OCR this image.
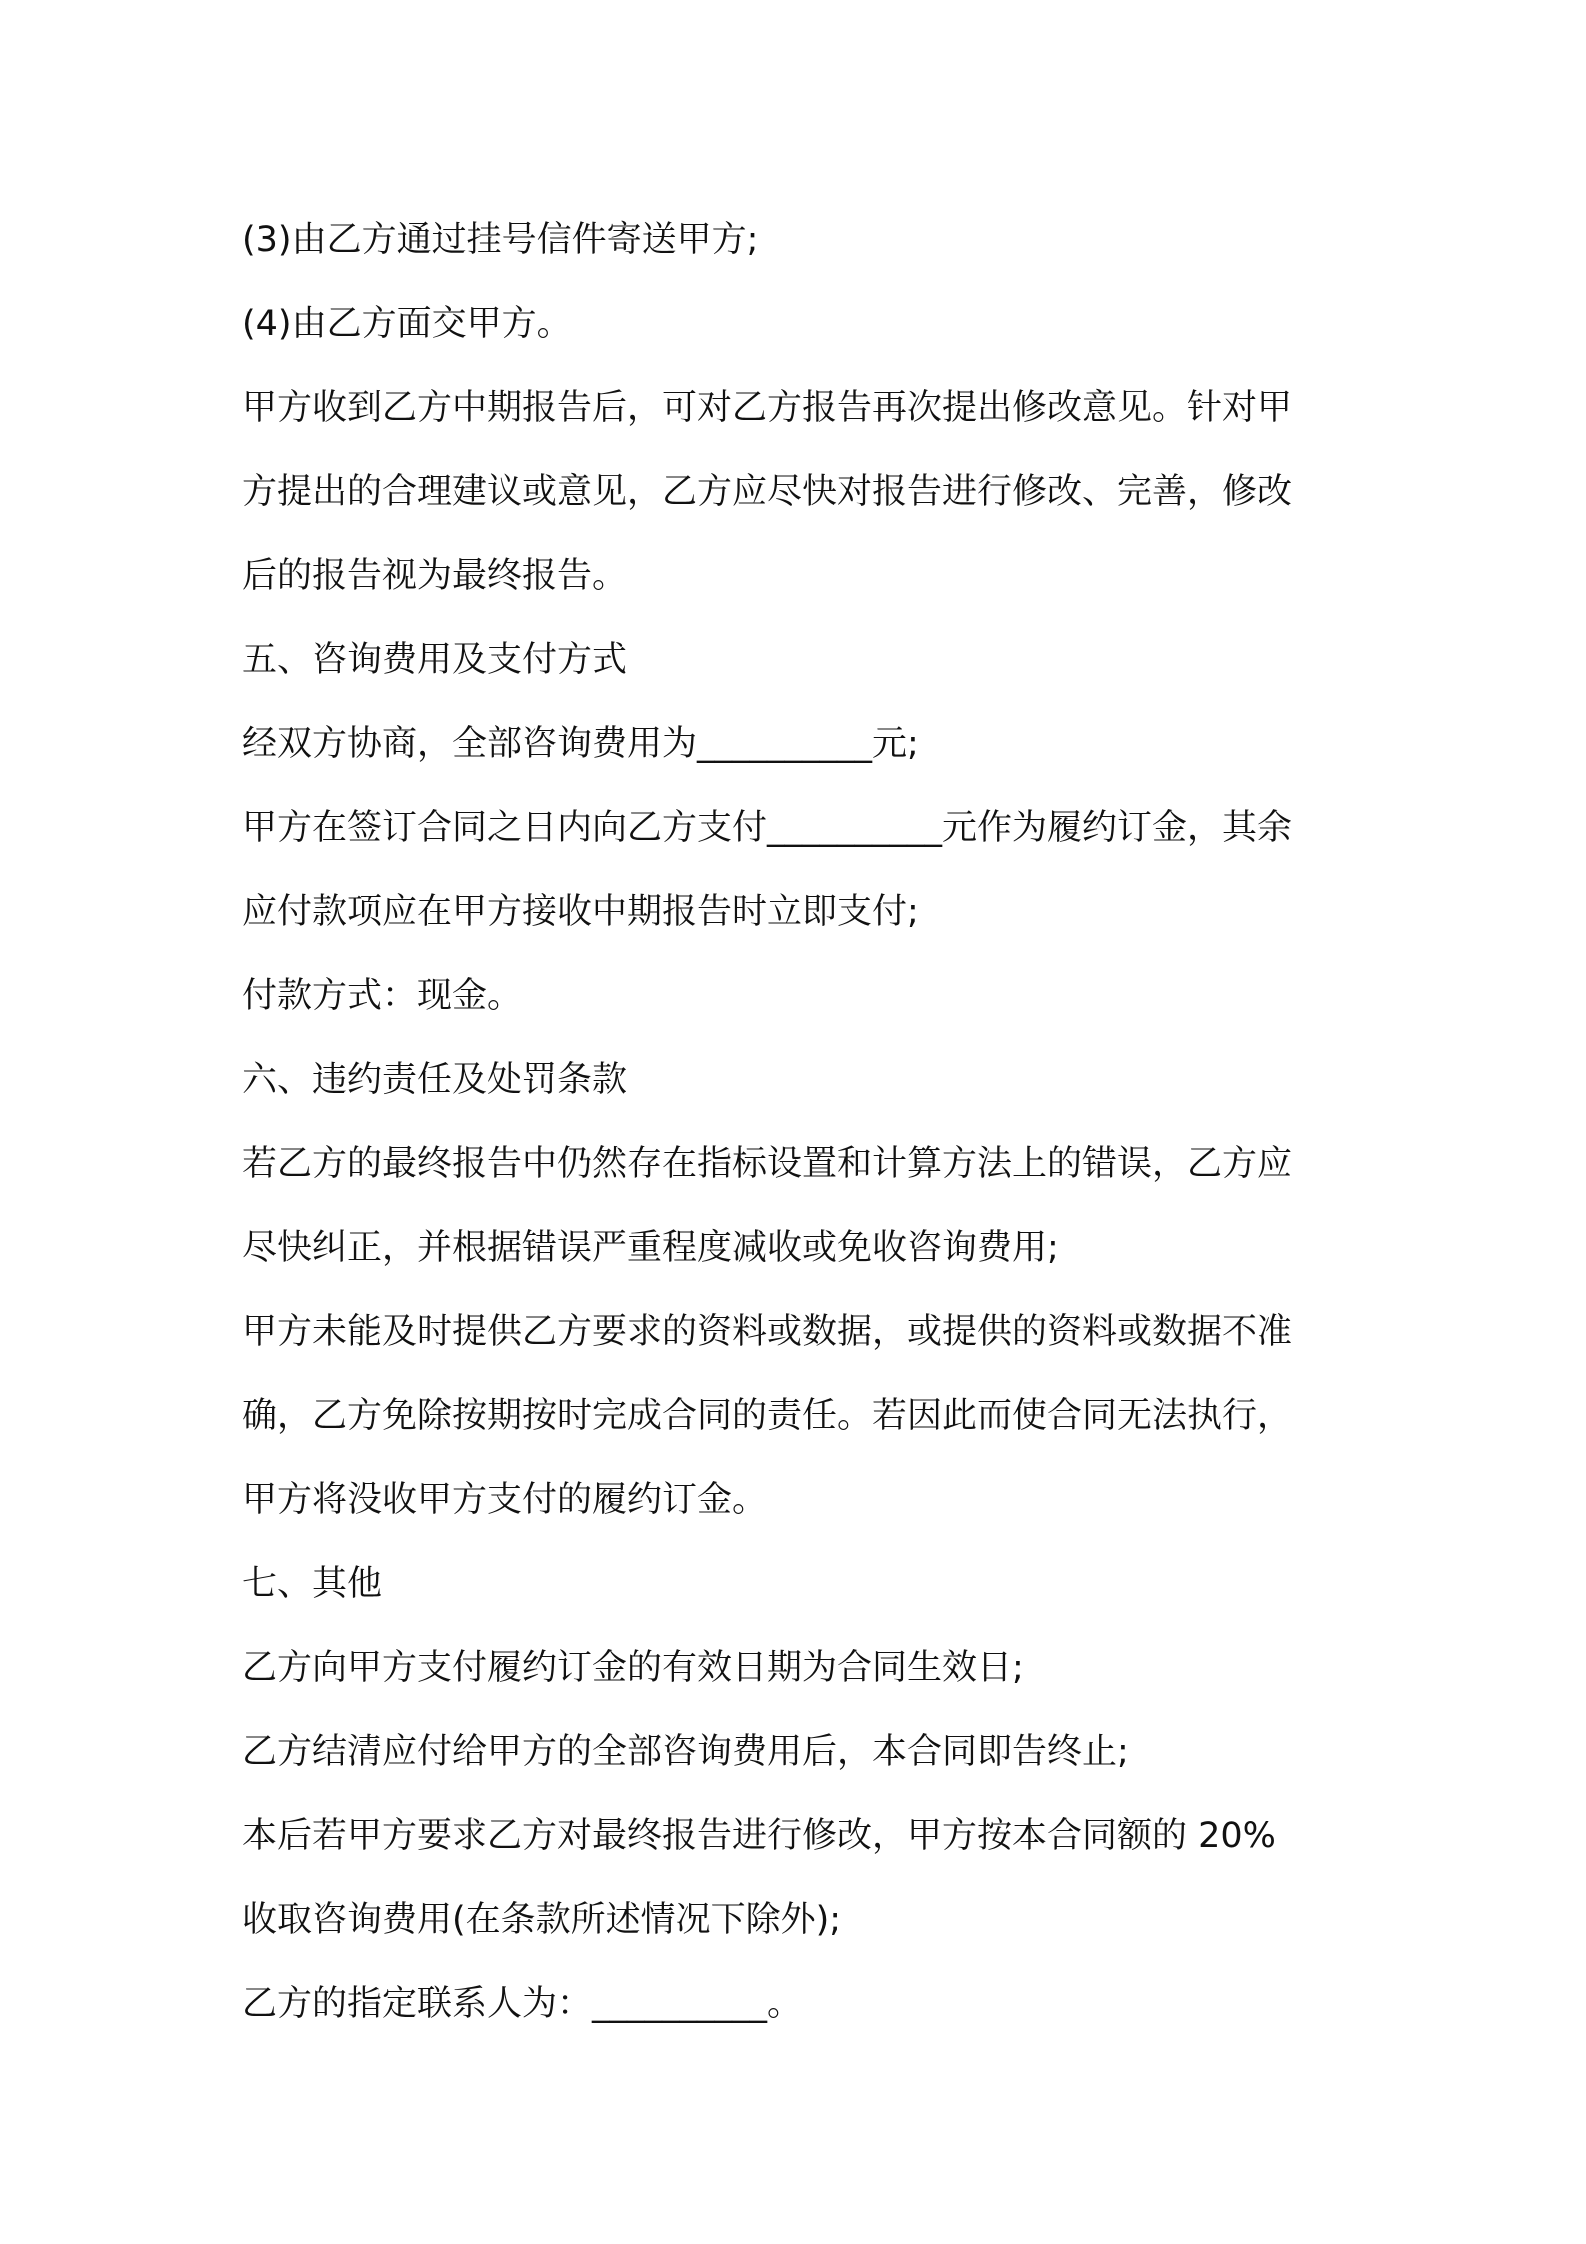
(3)由乙方通过挂号信件寄送甲方;
(4)由乙方面交甲方。
甲方收到乙方中期报告后，可对乙方报告再次提出修改意见。针对甲
方提出的合理建议或意见，乙方应尽快对报告进行修改、完善，修改
后的报告视为最终报告。
五、咨询费用及支付方式
经双方协商，全部咨询费用为__________元;
甲方在签订合同之日内向乙方支付__________元作为履约订金，其余
应付款项应在甲方接收中期报告时立即支付;
付款方式：现金。
六、违约责任及处罚条款
若乙方的最终报告中仍然存在指标设置和计算方法上的错误，乙方应
尽快纠正，并根据错误严重程度减收或免收咨询费用;
甲方未能及时提供乙方要求的资料或数据，或提供的资料或数据不准
确，乙方免除按期按时完成合同的责任。若因此而使合同无法执行，
甲方将没收甲方支付的履约订金。
七、其他
乙方向甲方支付履约订金的有效日期为合同生效日;
乙方结清应付给甲方的全部咨询费用后，本合同即告终止;
本后若甲方要求乙方对最终报告进行修改，甲方按本合同额的 20%
收取咨询费用(在条款所述情况下除外);
乙方的指定联系人为：__________。
